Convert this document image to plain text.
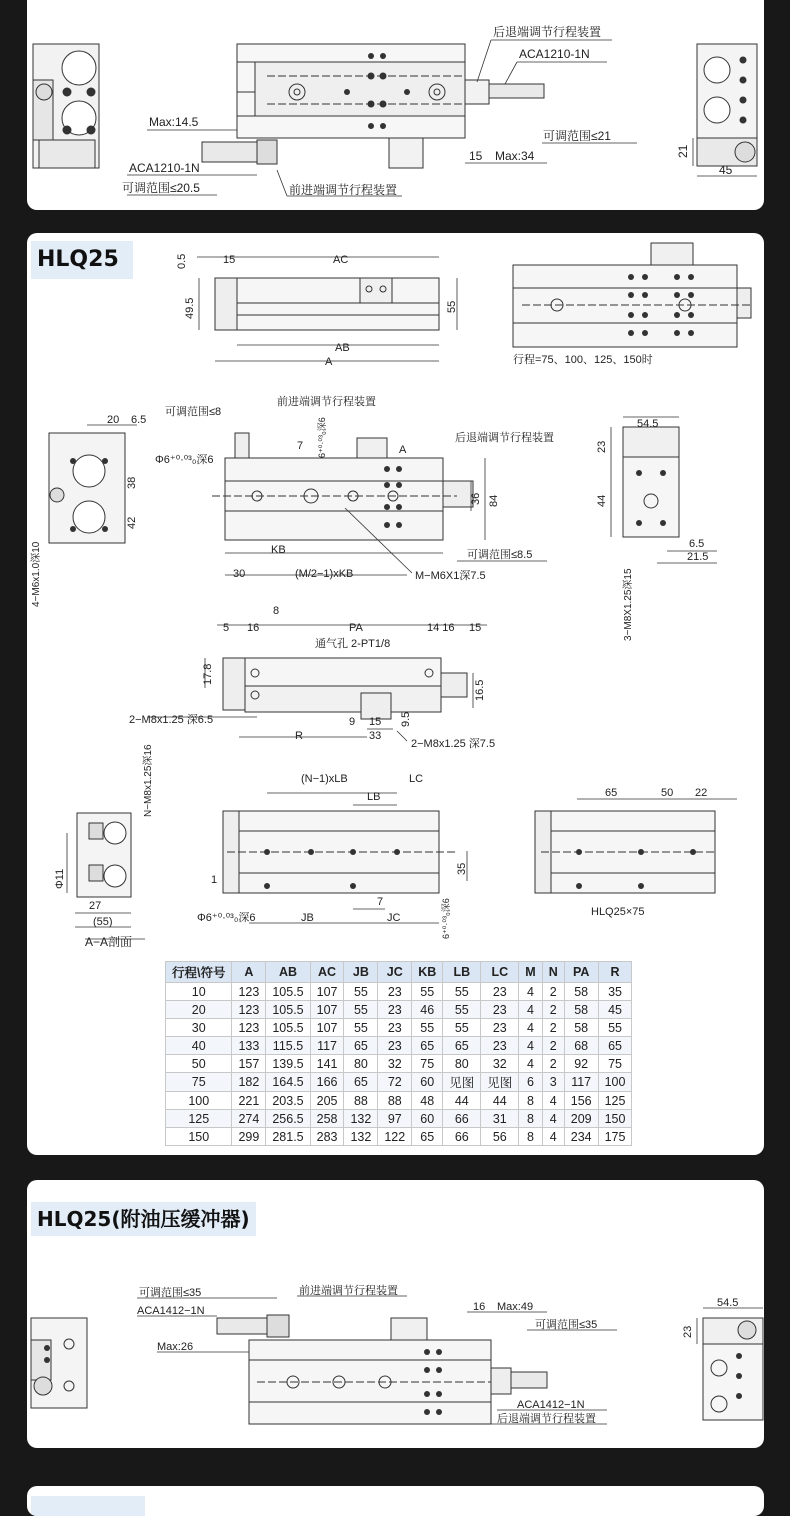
后退端调节行程装置
ACA1210-1N
Max:14.5
可调范围≤21
15 Max:34
ACA1210-1N
可调范围≤20.5	前进端调节行程装置
21
45
HLQ25	0.5
49.5
15	AC
55
AB
A	行程=75、100、125、150时
可调范围≤8
前进端调节行程装置
后退端调节行程装置
20 6.5
7 6⁺⁰·⁰³₀深6
Φ6⁺⁰·⁰³₀深6
A
38
42
36 84
KB
30	(M/2−1)xKB
可调范围≤8.5
M−M6X1深7.5
4−M6x1.0深10
54.5
23
44
6.5
21.5
3−M8X1.25深15
8
5 16	PA	14 16 15
通气孔 2-PT1/8
17.8
16.5
2−M8x1.25 深6.5	9 15 9.5
R	33
2−M8x1.25 深7.5
N−M8x1.25深16
Φ11
27
(55)
A−A剖面
(N−1)xLB	LC
LB
35
1
Φ6⁺⁰·⁰³₀深6
7
JB	JC	6⁺⁰·⁰³₀深6
65	50 22
HLQ25×75
行程\符号	A	AB	AC	JB	JC	KB	LB	LC	M	N	PA	R
10	123	105.5	107	55	23	55	55	23	4	2	58	35
20	123	105.5	107	55	23	46	55	23	4	2	58	45
30	123	105.5	107	55	23	55	55	23	4	2	58	55
40	133	115.5	117	65	23	65	65	23	4	2	68	65
50	157	139.5	141	80	32	75	80	32	4	2	92	75
75	182	164.5	166	65	72	60	见图	见图	6	3	117	100
100	221	203.5	205	88	88	48	44	44	8	4	156	125
125	274	256.5	258	132	97	60	66	31	8	4	209	150
150	299	281.5	283	132	122	65	66	56	8	4	234	175
HLQ25(附油压缓冲器)
可调范围≤35	前进端调节行程装置
ACA1412−1N	16 Max:49
可调范围≤35
Max:26
ACA1412−1N
后退端调节行程装置
54.5
23
